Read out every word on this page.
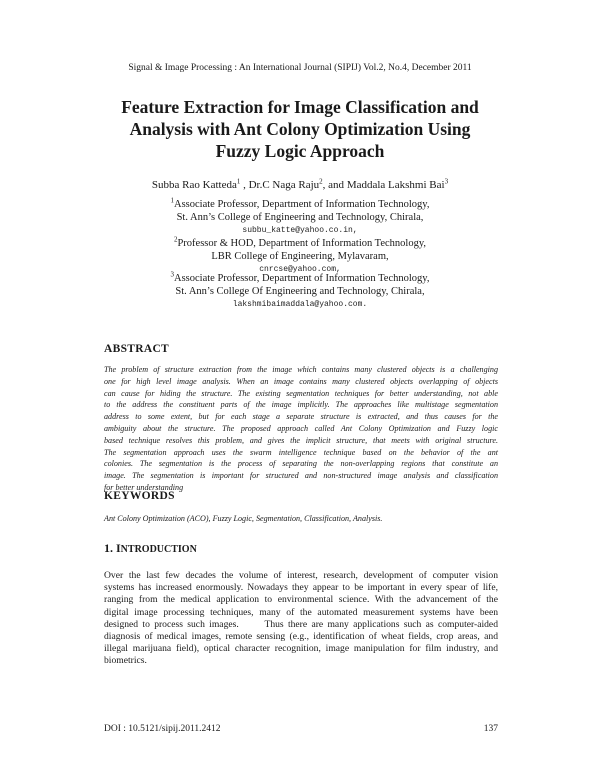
Signal & Image Processing : An International Journal (SIPIJ) Vol.2, No.4, December 2011
Feature Extraction for Image Classification and
Analysis with Ant Colony Optimization Using
Fuzzy Logic Approach
Subba Rao Katteda$^1$ , Dr.C Naga Raju$^2$, and Maddala Lakshmi Bai$^3$
$^1$Associate Professor, Department of Information Technology,
St. Ann’s College of Engineering and Technology, Chirala,
subbu_katte@yahoo.co.in,
$^2$Professor & HOD, Department of Information Technology,
LBR College of Engineering, Mylavaram,
cnrcse@yahoo.com,
$^3$Associate Professor, Department of Information Technology,
St. Ann’s College Of Engineering and Technology, Chirala,
lakshmibaimaddala@yahoo.com.
ABSTRACT
The problem of structure extraction from the image which contains many clustered objects is a challenging
one for high level image analysis. When an image contains many clustered objects overlapping of objects
can cause for hiding the structure. The existing segmentation techniques for better understanding, not able
to the address the constituent parts of the image implicitly. The approaches like multistage segmentation
address to some extent, but for each stage a separate structure is extracted, and thus causes for the
ambiguity about the structure. The proposed approach called Ant Colony Optimization and Fuzzy logic
based technique resolves this problem, and gives the implicit structure, that meets with original structure.
The segmentation approach uses the swarm intelligence technique based on the behavior of the ant
colonies. The segmentation is the process of separating the non-overlapping regions that constitute an
image. The segmentation is important for structured and non-structured image analysis and classification
for better understanding
KEYWORDS
Ant Colony Optimization (ACO), Fuzzy Logic, Segmentation, Classification, Analysis.
1. INTRODUCTION
Over the last few decades the volume of interest, research, development of computer vision
systems has increased enormously. Nowadays they appear to be important in every spear of life,
ranging from the medical application to environmental science. With the advancement of the
digital image processing techniques, many of the automated measurement systems have been
designed to process such images.      Thus there are many applications such as computer-aided
diagnosis of medical images, remote sensing (e.g., identification of wheat fields, crop areas, and
illegal marijuana field), optical character recognition, image manipulation for film industry, and
biometrics.
DOI : 10.5121/sipij.2011.2412	137
